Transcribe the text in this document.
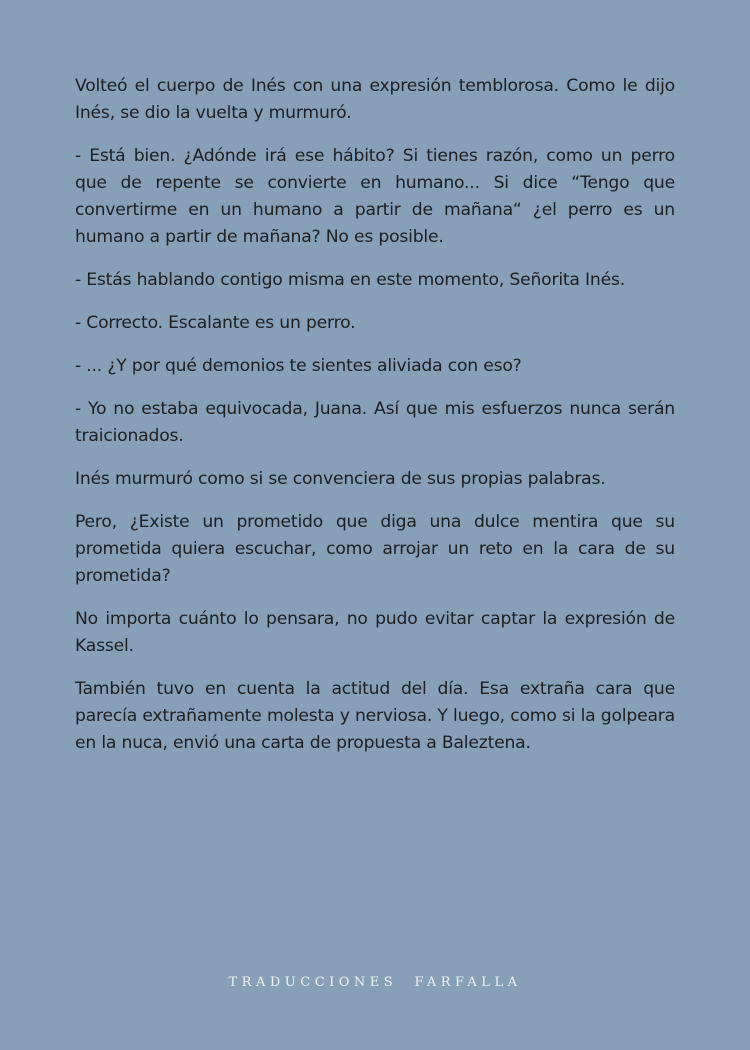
Volteó el cuerpo de Inés con una expresión temblorosa. Como le dijo Inés, se dio la vuelta y murmuró.

- Está bien. ¿Adónde irá ese hábito? Si tienes razón, como un perro que de repente se convierte en humano... Si dice “Tengo que convertirme en un humano a partir de mañana“ ¿el perro es un humano a partir de mañana? No es posible.

- Estás hablando contigo misma en este momento, Señorita Inés.

- Correcto. Escalante es un perro.

- ... ¿Y por qué demonios te sientes aliviada con eso?

- Yo no estaba equivocada, Juana. Así que mis esfuerzos nunca serán traicionados.

Inés murmuró como si se convenciera de sus propias palabras.

Pero, ¿Existe un prometido que diga una dulce mentira que su prometida quiera escuchar, como arrojar un reto en la cara de su prometida?

No importa cuánto lo pensara, no pudo evitar captar la expresión de Kassel.

También tuvo en cuenta la actitud del día. Esa extraña cara que parecía extrañamente molesta y nerviosa. Y luego, como si la golpeara en la nuca, envió una carta de propuesta a Baleztena.

TRADUCCIONES  FARFALLA
